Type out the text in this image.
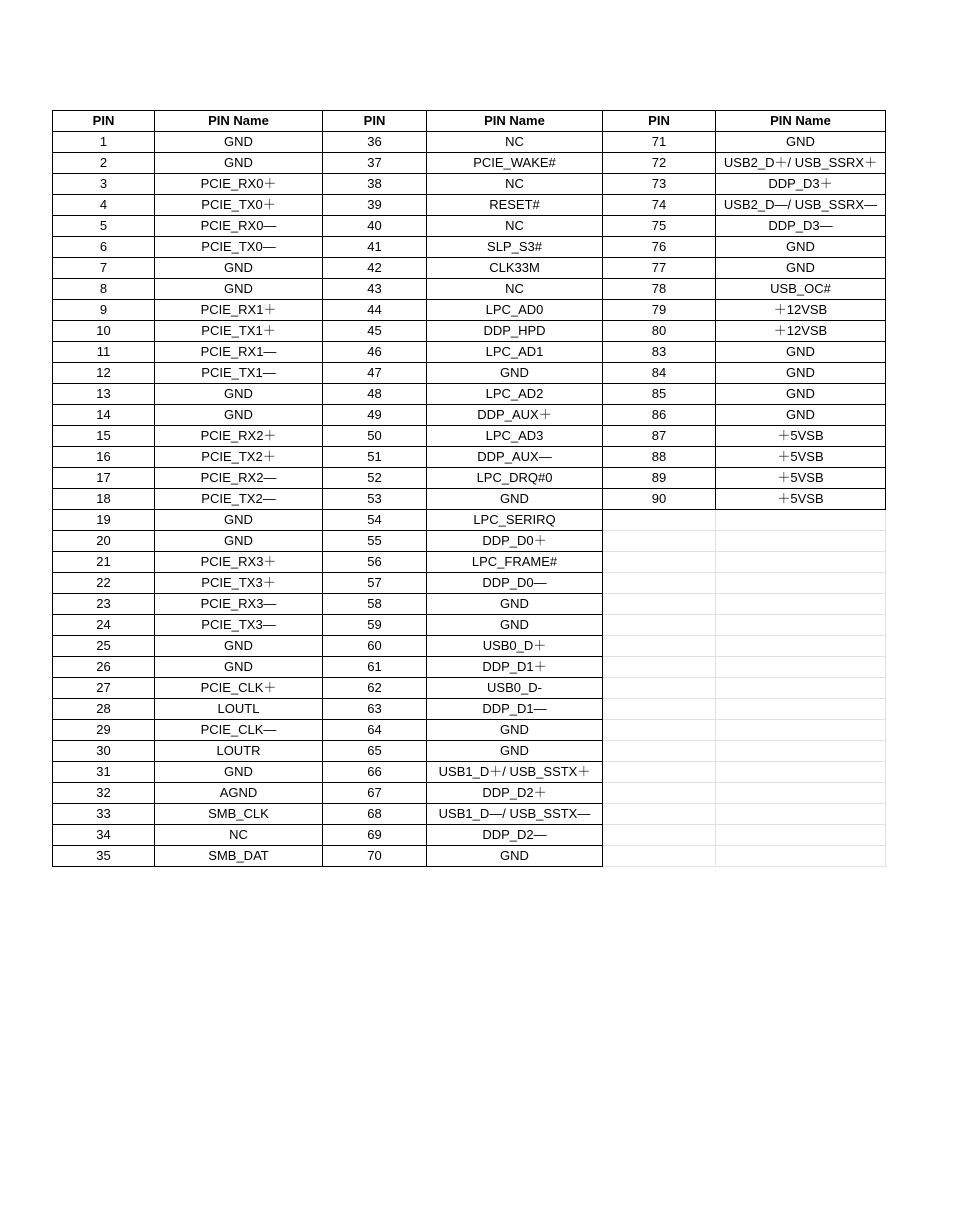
PIN	PIN Name	PIN	PIN Name	PIN	PIN Name
1	GND	36	NC	71	GND
2	GND	37	PCIE_WAKE#	72	USB2_D＋/ USB_SSRX＋
3	PCIE_RX0＋	38	NC	73	DDP_D3＋
4	PCIE_TX0＋	39	RESET#	74	USB2_D—/ USB_SSRX—
5	PCIE_RX0—	40	NC	75	DDP_D3—
6	PCIE_TX0—	41	SLP_S3#	76	GND
7	GND	42	CLK33M	77	GND
8	GND	43	NC	78	USB_OC#
9	PCIE_RX1＋	44	LPC_AD0	79	＋12VSB
10	PCIE_TX1＋	45	DDP_HPD	80	＋12VSB
11	PCIE_RX1—	46	LPC_AD1	83	GND
12	PCIE_TX1—	47	GND	84	GND
13	GND	48	LPC_AD2	85	GND
14	GND	49	DDP_AUX＋	86	GND
15	PCIE_RX2＋	50	LPC_AD3	87	＋5VSB
16	PCIE_TX2＋	51	DDP_AUX—	88	＋5VSB
17	PCIE_RX2—	52	LPC_DRQ#0	89	＋5VSB
18	PCIE_TX2—	53	GND	90	＋5VSB
19	GND	54	LPC_SERIRQ		
20	GND	55	DDP_D0＋		
21	PCIE_RX3＋	56	LPC_FRAME#		
22	PCIE_TX3＋	57	DDP_D0—		
23	PCIE_RX3—	58	GND		
24	PCIE_TX3—	59	GND		
25	GND	60	USB0_D＋		
26	GND	61	DDP_D1＋		
27	PCIE_CLK＋	62	USB0_D-		
28	LOUTL	63	DDP_D1—		
29	PCIE_CLK—	64	GND		
30	LOUTR	65	GND		
31	GND	66	USB1_D＋/ USB_SSTX＋		
32	AGND	67	DDP_D2＋		
33	SMB_CLK	68	USB1_D—/ USB_SSTX—		
34	NC	69	DDP_D2—		
35	SMB_DAT	70	GND		
